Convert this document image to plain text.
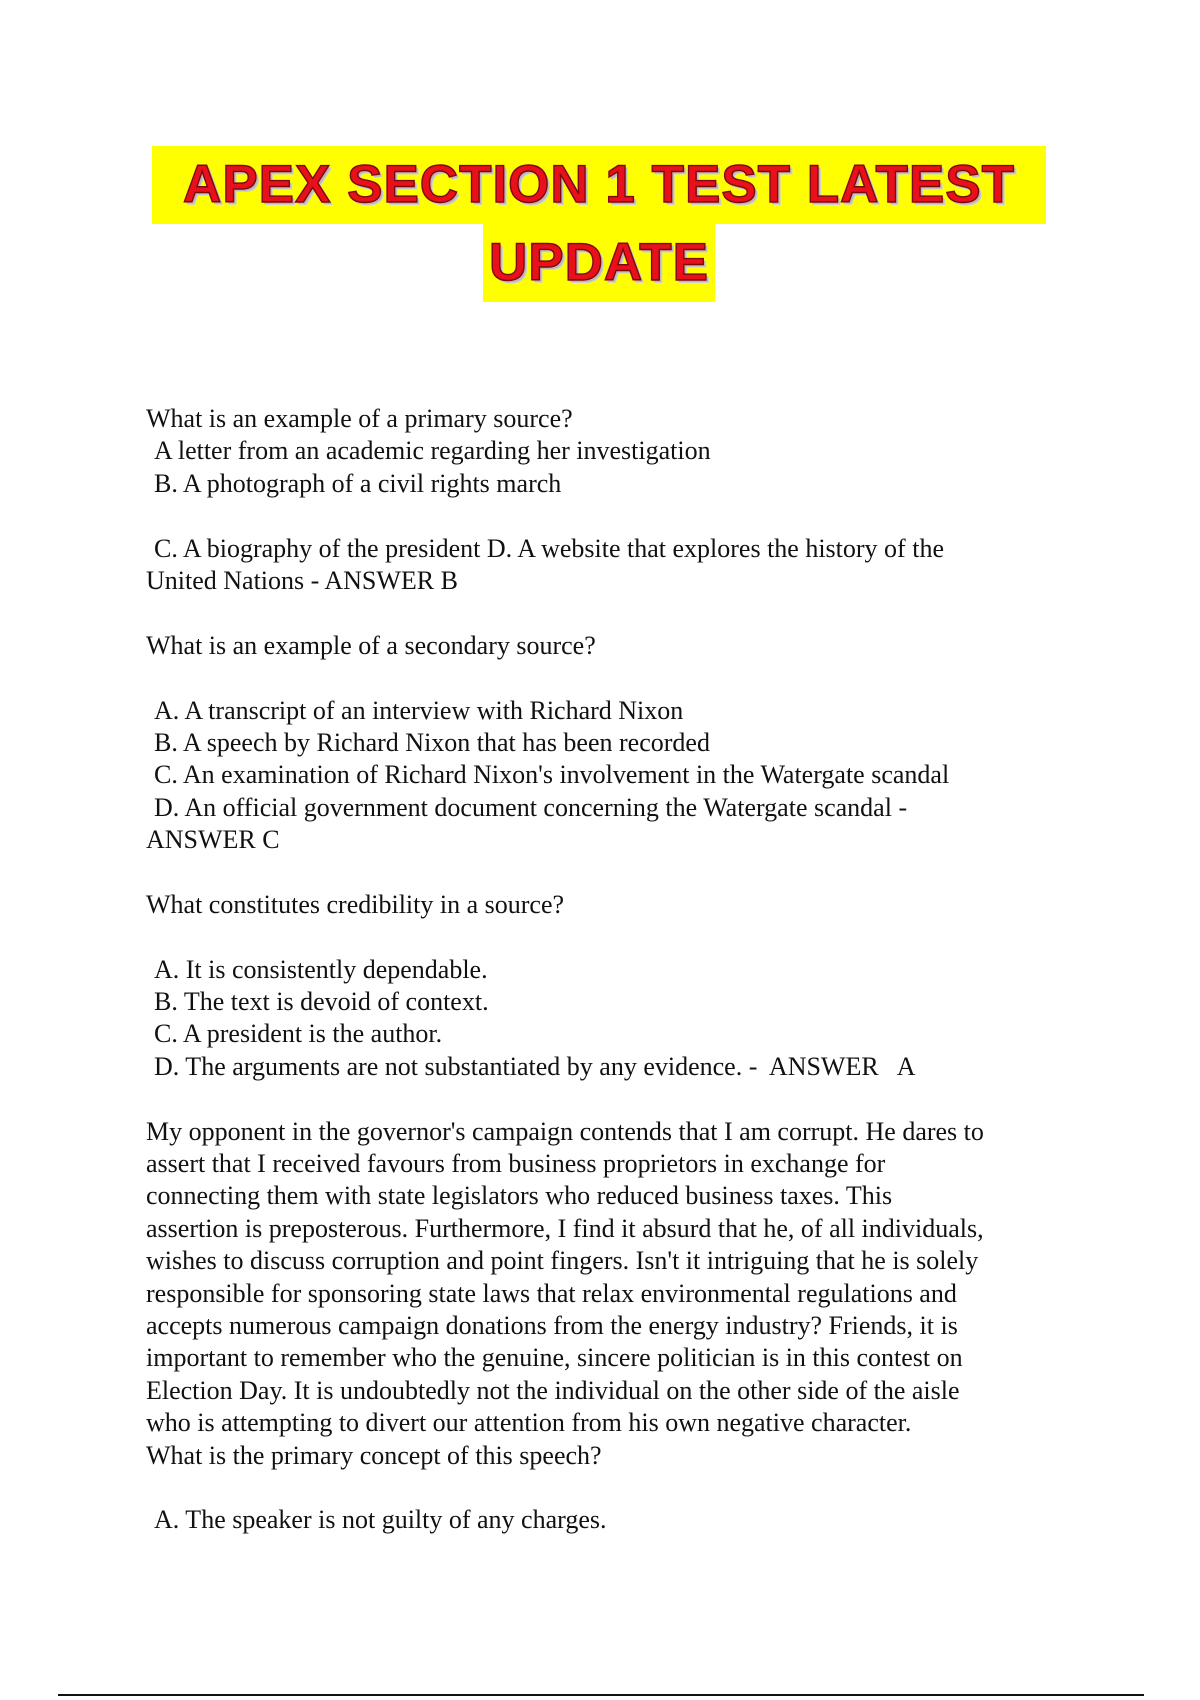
APEX SECTION 1 TEST LATEST
UPDATE
What is an example of a primary source?
A letter from an academic regarding her investigation
B. A photograph of a civil rights march
C. A biography of the president D. A website that explores the history of the
United Nations - ANSWER B
What is an example of a secondary source?
A. A transcript of an interview with Richard Nixon
B. A speech by Richard Nixon that has been recorded
C. An examination of Richard Nixon's involvement in the Watergate scandal
D. An official government document concerning the Watergate scandal -
ANSWER C
What constitutes credibility in a source?
A. It is consistently dependable.
B. The text is devoid of context.
C. A president is the author.
D. The arguments are not substantiated by any evidence. -  ANSWER   A
My opponent in the governor's campaign contends that I am corrupt. He dares to
assert that I received favours from business proprietors in exchange for
connecting them with state legislators who reduced business taxes. This
assertion is preposterous. Furthermore, I find it absurd that he, of all individuals,
wishes to discuss corruption and point fingers. Isn't it intriguing that he is solely
responsible for sponsoring state laws that relax environmental regulations and
accepts numerous campaign donations from the energy industry? Friends, it is
important to remember who the genuine, sincere politician is in this contest on
Election Day. It is undoubtedly not the individual on the other side of the aisle
who is attempting to divert our attention from his own negative character.
What is the primary concept of this speech?
A. The speaker is not guilty of any charges.
